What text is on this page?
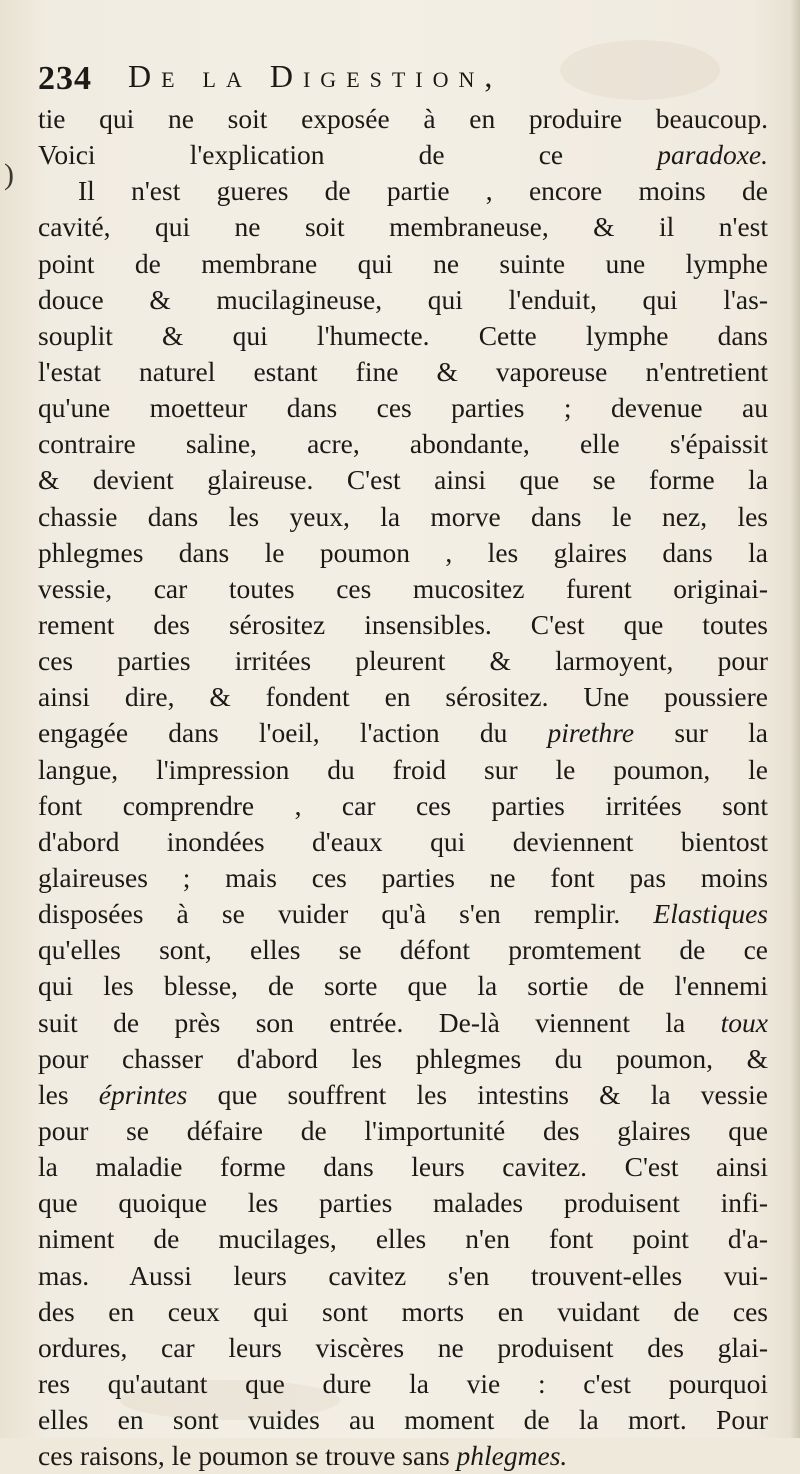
234 De la Digestion,
)
tie qui ne soit exposée à en produire beaucoup.
Voici l'explication de ce paradoxe.
Il n'est gueres de partie , encore moins de
cavité, qui ne soit membraneuse, & il n'est
point de membrane qui ne suinte une lymphe
douce & mucilagineuse, qui l'enduit, qui l'as-
souplit & qui l'humecte. Cette lymphe dans
l'estat naturel estant fine & vaporeuse n'entretient
qu'une moetteur dans ces parties ; devenue au
contraire saline, acre, abondante, elle s'épaissit
& devient glaireuse. C'est ainsi que se forme la
chassie dans les yeux, la morve dans le nez, les
phlegmes dans le poumon , les glaires dans la
vessie, car toutes ces mucositez furent originai-
rement des sérositez insensibles. C'est que toutes
ces parties irritées pleurent & larmoyent, pour
ainsi dire, & fondent en sérositez. Une poussiere
engagée dans l'oeil, l'action du pirethre sur la
langue, l'impression du froid sur le poumon, le
font comprendre , car ces parties irritées sont
d'abord inondées d'eaux qui deviennent bientost
glaireuses ; mais ces parties ne font pas moins
disposées à se vuider qu'à s'en remplir. Elastiques
qu'elles sont, elles se défont promtement de ce
qui les blesse, de sorte que la sortie de l'ennemi
suit de près son entrée. De-là viennent la toux
pour chasser d'abord les phlegmes du poumon, &
les éprintes que souffrent les intestins & la vessie
pour se défaire de l'importunité des glaires que
la maladie forme dans leurs cavitez. C'est ainsi
que quoique les parties malades produisent infi-
niment de mucilages, elles n'en font point d'a-
mas. Aussi leurs cavitez s'en trouvent-elles vui-
des en ceux qui sont morts en vuidant de ces
ordures, car leurs viscères ne produisent des glai-
res qu'autant que dure la vie : c'est pourquoi
elles en sont vuides au moment de la mort. Pour
ces raisons, le poumon se trouve sans phlegmes.
